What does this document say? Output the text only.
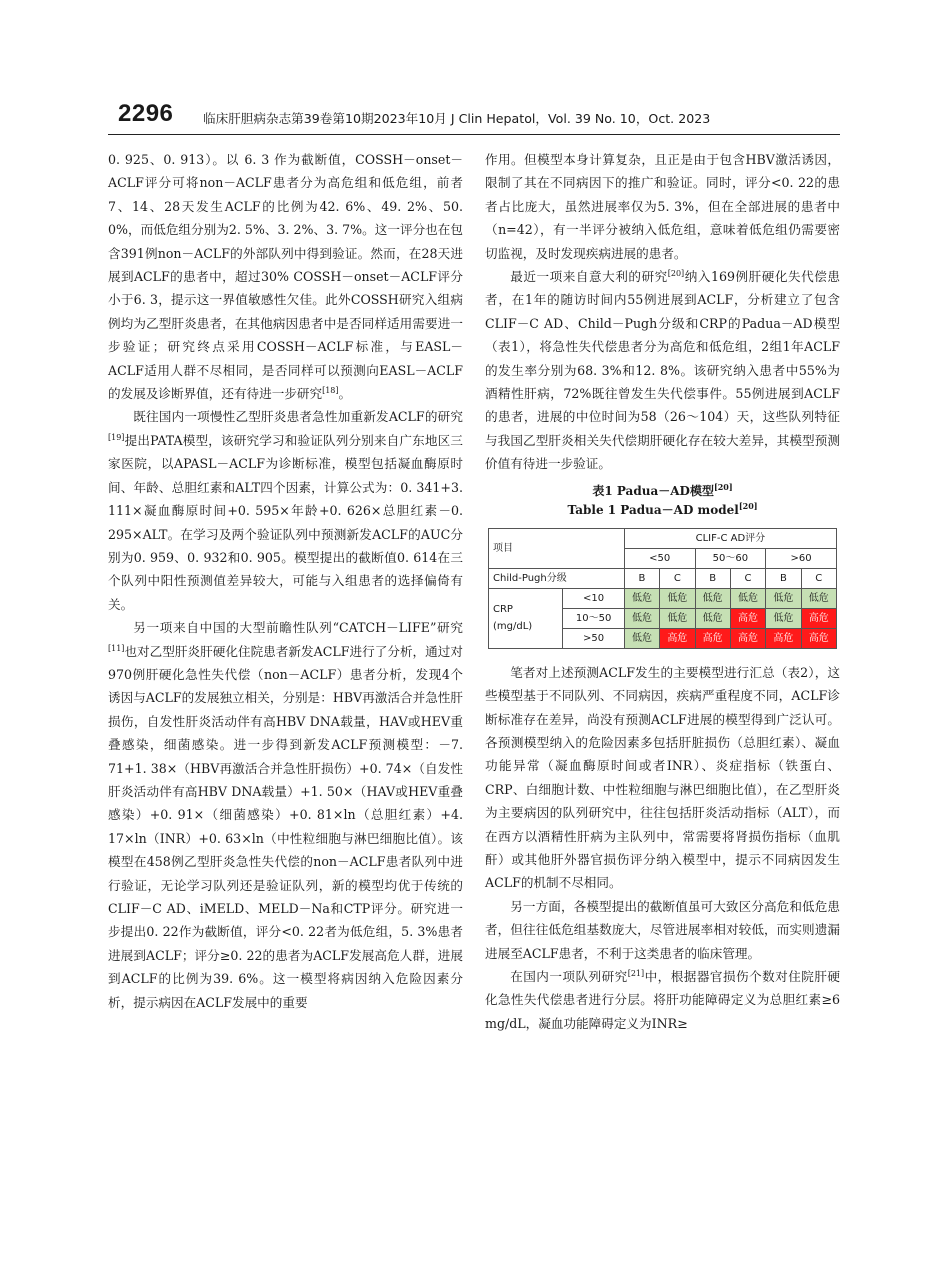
2296 临床肝胆病杂志第39卷第10期2023年10月 J Clin Hepatol，Vol. 39 No. 10，Oct. 2023

0. 925、0. 913）。以 6. 3 作为截断值，COSSH－onset－ACLF评分可将non－ACLF患者分为高危组和低危组，前者7、14、28天发生ACLF的比例为42. 6%、49. 2%、50. 0%，而低危组分别为2. 5%、3. 2%、3. 7%。这一评分也在包含391例non－ACLF的外部队列中得到验证。然而，在28天进展到ACLF的患者中，超过30% COSSH－onset－ACLF评分小于6. 3，提示这一界值敏感性欠佳。此外COSSH研究入组病例均为乙型肝炎患者，在其他病因患者中是否同样适用需要进一步验证；研究终点采用COSSH－ACLF标准，与EASL－ACLF适用人群不尽相同，是否同样可以预测向EASL－ACLF的发展及诊断界值，还有待进一步研究[18]。

既往国内一项慢性乙型肝炎患者急性加重新发ACLF的研究[19]提出PATA模型，该研究学习和验证队列分别来自广东地区三家医院，以APASL－ACLF为诊断标准，模型包括凝血酶原时间、年龄、总胆红素和ALT四个因素，计算公式为：0. 341+3. 111×凝血酶原时间+0. 595×年龄+0. 626×总胆红素－0. 295×ALT。在学习及两个验证队列中预测新发ACLF的AUC分别为0. 959、0. 932和0. 905。模型提出的截断值0. 614在三个队列中阳性预测值差异较大，可能与入组患者的选择偏倚有关。

另一项来自中国的大型前瞻性队列“CATCH－LIFE”研究[11]也对乙型肝炎肝硬化住院患者新发ACLF进行了分析，通过对970例肝硬化急性失代偿（non－ACLF）患者分析，发现4个诱因与ACLF的发展独立相关，分别是：HBV再激活合并急性肝损伤，自发性肝炎活动伴有高HBV DNA载量，HAV或HEV重叠感染，细菌感染。进一步得到新发ACLF预测模型：－7. 71+1. 38×（HBV再激活合并急性肝损伤）+0. 74×（自发性肝炎活动伴有高HBV DNA载量）+1. 50×（HAV或HEV重叠感染）+0. 91×（细菌感染）+0. 81×ln（总胆红素）+4. 17×ln（INR）+0. 63×ln（中性粒细胞与淋巴细胞比值）。该模型在458例乙型肝炎急性失代偿的non－ACLF患者队列中进行验证，无论学习队列还是验证队列，新的模型均优于传统的CLIF－C AD、iMELD、MELD－Na和CTP评分。研究进一步提出0. 22作为截断值，评分<0. 22者为低危组，5. 3%患者进展到ACLF；评分≥0. 22的患者为ACLF发展高危人群，进展到ACLF的比例为39. 6%。这一模型将病因纳入危险因素分析，提示病因在ACLF发展中的重要

作用。但模型本身计算复杂，且正是由于包含HBV激活诱因，限制了其在不同病因下的推广和验证。同时，评分<0. 22的患者占比庞大，虽然进展率仅为5. 3%，但在全部进展的患者中（n=42），有一半评分被纳入低危组，意味着低危组仍需要密切监视，及时发现疾病进展的患者。

最近一项来自意大利的研究[20]纳入169例肝硬化失代偿患者，在1年的随访时间内55例进展到ACLF，分析建立了包含CLIF－C AD、Child－Pugh分级和CRP的Padua－AD模型（表1），将急性失代偿患者分为高危和低危组，2组1年ACLF的发生率分别为68. 3%和12. 8%。该研究纳入患者中55%为酒精性肝病，72%既往曾发生失代偿事件。55例进展到ACLF的患者，进展的中位时间为58（26～104）天，这些队列特征与我国乙型肝炎相关失代偿期肝硬化存在较大差异，其模型预测价值有待进一步验证。

表1 Padua－AD模型[20]
Table 1 Padua－AD model[20]
项目		CLIF-C AD评分					
		<50		50～60		>60	
Child-Pugh分级		B	C	B	C	B	C
CRP
(mg/dL)	<10	低危	低危	低危	低危	低危	低危
	10～50	低危	低危	低危	高危	低危	高危
	>50	低危	高危	高危	高危	高危	高危

笔者对上述预测ACLF发生的主要模型进行汇总（表2），这些模型基于不同队列、不同病因，疾病严重程度不同，ACLF诊断标准存在差异，尚没有预测ACLF进展的模型得到广泛认可。各预测模型纳入的危险因素多包括肝脏损伤（总胆红素）、凝血功能异常（凝血酶原时间或者INR）、炎症指标（铁蛋白、CRP、白细胞计数、中性粒细胞与淋巴细胞比值），在乙型肝炎为主要病因的队列研究中，往往包括肝炎活动指标（ALT），而在西方以酒精性肝病为主队列中，常需要将肾损伤指标（血肌酐）或其他肝外器官损伤评分纳入模型中，提示不同病因发生ACLF的机制不尽相同。

另一方面，各模型提出的截断值虽可大致区分高危和低危患者，但往往低危组基数庞大，尽管进展率相对较低，而实则遗漏进展至ACLF患者，不利于这类患者的临床管理。

在国内一项队列研究[21]中，根据器官损伤个数对住院肝硬化急性失代偿患者进行分层。将肝功能障碍定义为总胆红素≥6 mg/dL，凝血功能障碍定义为INR≥
